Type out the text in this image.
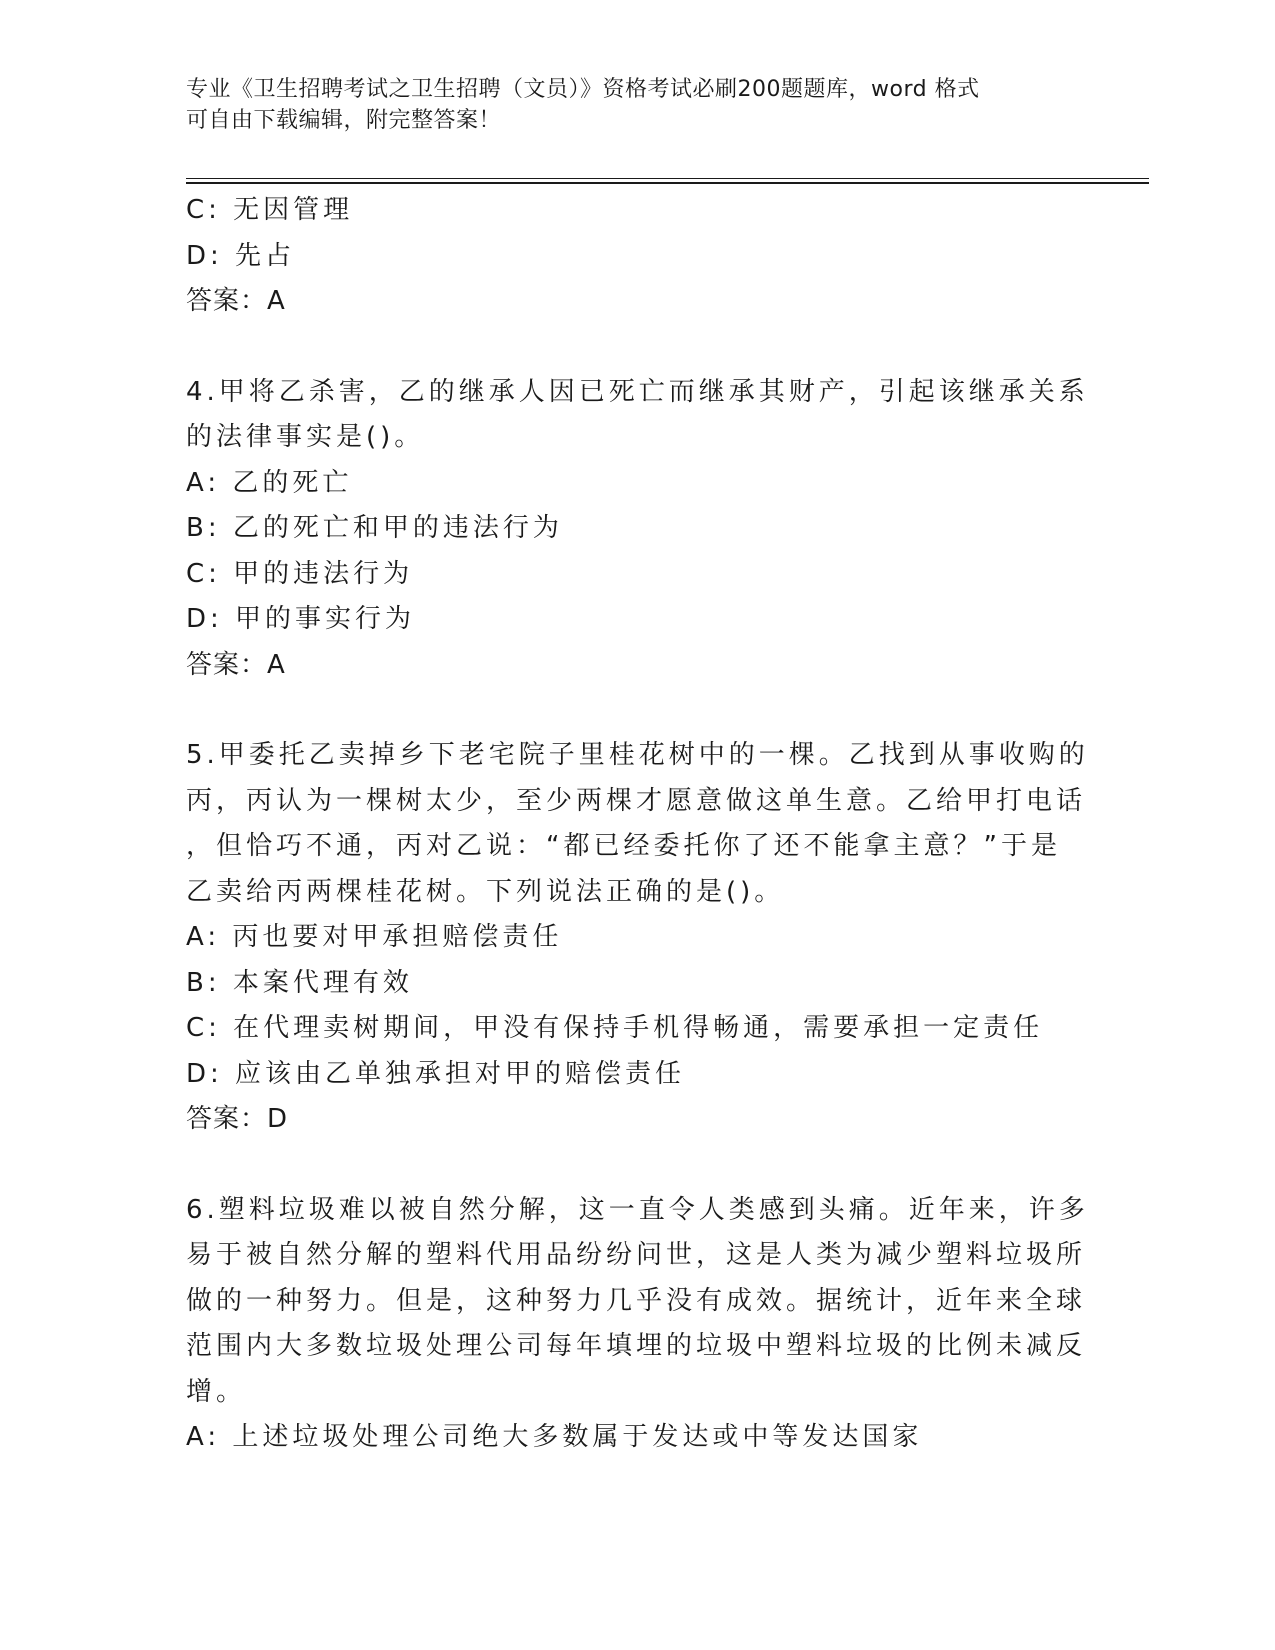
专业《卫生招聘考试之卫生招聘（文员）》资格考试必刷200题题库，word 格式
可自由下载编辑，附完整答案！
C: 无因管理
D: 先占
答案：A
4.甲将乙杀害，乙的继承人因已死亡而继承其财产，引起该继承关系
的法律事实是()。
A: 乙的死亡
B: 乙的死亡和甲的违法行为
C: 甲的违法行为
D: 甲的事实行为
答案：A
5.甲委托乙卖掉乡下老宅院子里桂花树中的一棵。乙找到从事收购的
丙，丙认为一棵树太少，至少两棵才愿意做这单生意。乙给甲打电话
，但恰巧不通，丙对乙说：“都已经委托你了还不能拿主意？”于是
乙卖给丙两棵桂花树。下列说法正确的是()。
A: 丙也要对甲承担赔偿责任
B: 本案代理有效
C: 在代理卖树期间，甲没有保持手机得畅通，需要承担一定责任
D: 应该由乙单独承担对甲的赔偿责任
答案：D
6.塑料垃圾难以被自然分解，这一直令人类感到头痛。近年来，许多
易于被自然分解的塑料代用品纷纷问世，这是人类为减少塑料垃圾所
做的一种努力。但是，这种努力几乎没有成效。据统计，近年来全球
范围内大多数垃圾处理公司每年填埋的垃圾中塑料垃圾的比例未减反
增。
A: 上述垃圾处理公司绝大多数属于发达或中等发达国家
